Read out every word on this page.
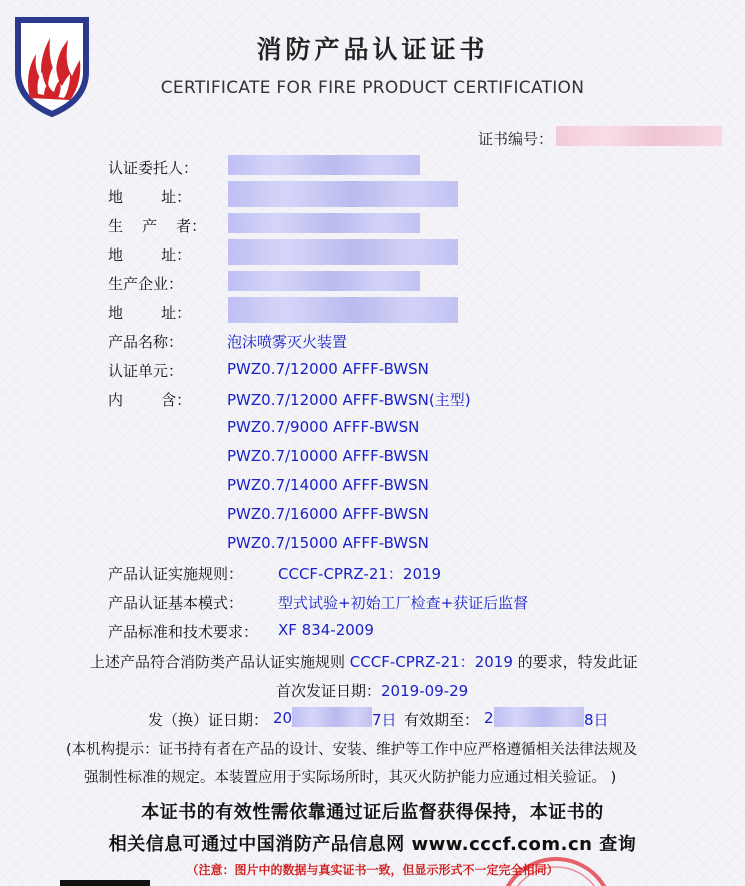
消防产品认证证书
CERTIFICATE FOR FIRE PRODUCT CERTIFICATION
证书编号：
认证委托人：
地        址：
生    产    者：
地        址：
生产企业：
地        址：
产品名称：	泡沫喷雾灭火装置
认证单元：	PWZ0.7/12000 AFFF-BWSN
内        含： PWZ0.7/12000 AFFF-BWSN(主型)
PWZ0.7/9000 AFFF-BWSN
PWZ0.7/10000 AFFF-BWSN
PWZ0.7/14000 AFFF-BWSN
PWZ0.7/16000 AFFF-BWSN
PWZ0.7/15000 AFFF-BWSN
产品认证实施规则： CCCF-CPRZ-21：2019
产品认证基本模式： 型式试验+初始工厂检查+获证后监督
产品标准和技术要求： XF 834-2009
上述产品符合消防类产品认证实施规则 CCCF-CPRZ-21：2019 的要求，特发此证
首次发证日期：2019-09-29
发（换）证日期： 20	7日 有效期至： 2	8日
(本机构提示：证书持有者在产品的设计、安装、维护等工作中应严格遵循相关法律法规及
强制性标准的规定。本装置应用于实际场所时，其灭火防护能力应通过相关验证。 )
本证书的有效性需依靠通过证后监督获得保持，本证书的
相关信息可通过中国消防产品信息网 www.cccf.com.cn 查询
（注意：图片中的数据与真实证书一致，但显示形式不一定完全相同）
